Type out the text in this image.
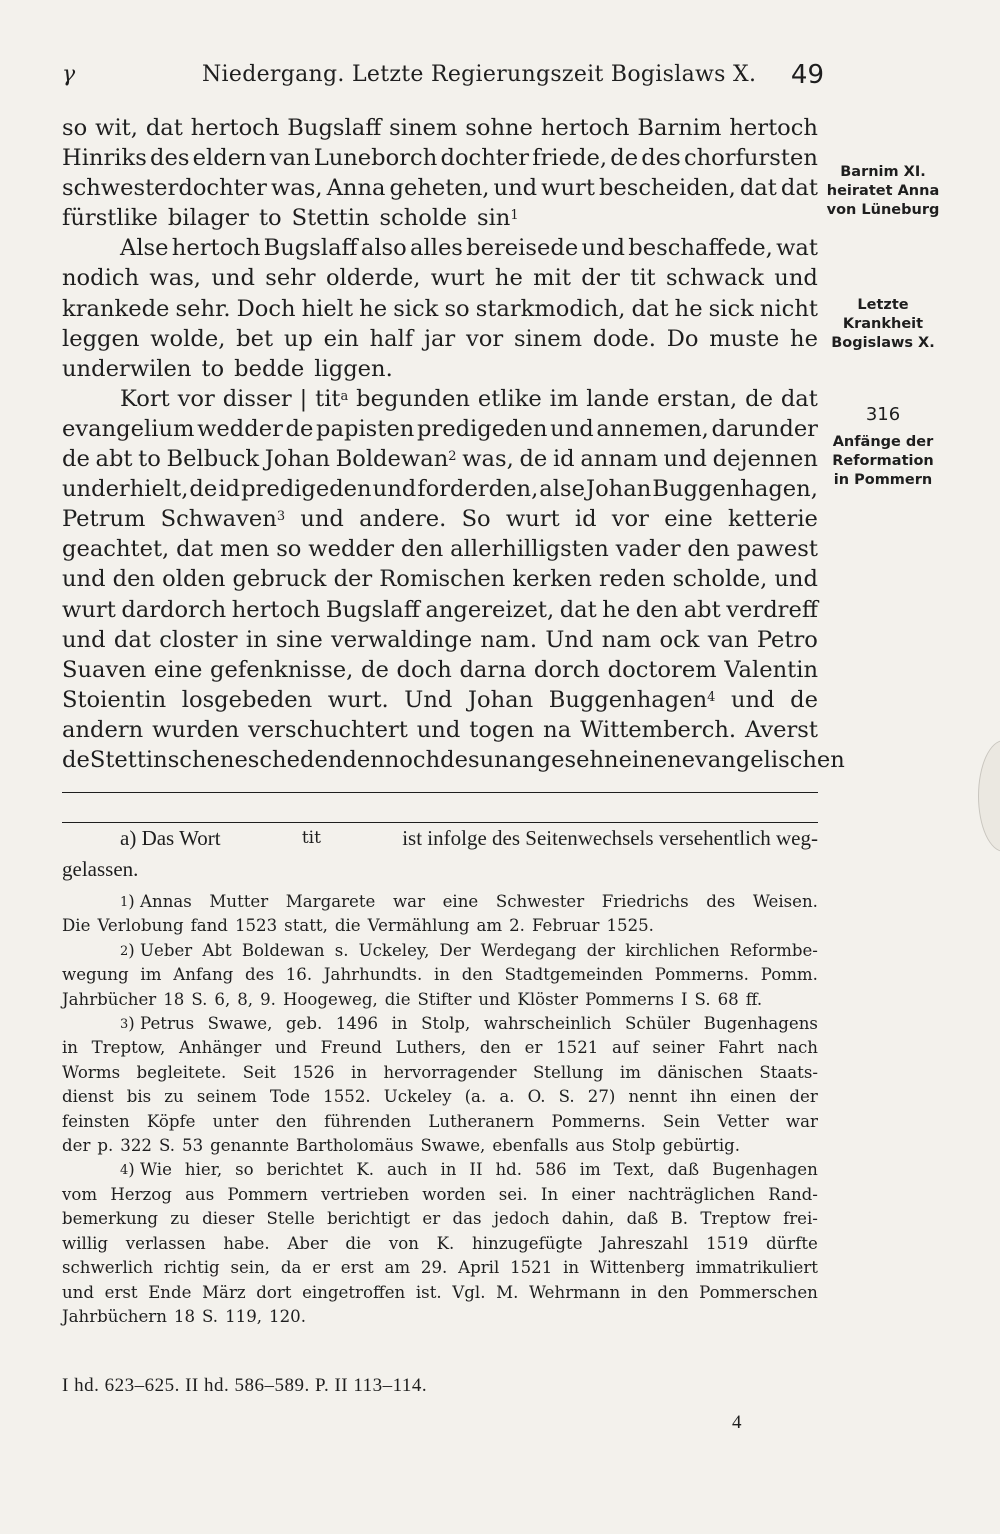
γ	Niedergang. Letzte Regierungszeit Bogislaws X. 49
so wit, dat hertoch Bugslaff sinem sohne hertoch Barnim hertoch
Hinriks des eldern van Luneborch dochter friede, de des chorfursten
schwesterdochter was, Anna geheten, und wurt bescheiden, dat dat
fürstlike bilager to Stettin scholde $\sin^1$
Alse hertoch Bugslaff also alles bereisede und beschaffede, wat
nodich was, und sehr olderde, wurt he mit der tit schwack und
krankede sehr. Doch hielt he sick so starkmodich, dat he sick nicht
leggen wolde, bet up ein half jar vor sinem dode. Do muste he
underwilen to bedde liggen.
Kort vor disser | tit$^a$ begunden etlike im lande erstan, de dat
evangelium wedder de papisten predigeden und annemen, darunder
de abt to Belbuck Johan Boldewan$^2$ was, de id annam und dejennen
underhielt, de id predigeden und forderden, alse Johan Buggenhagen,
Petrum Schwaven$^3$ und andere. So wurt id vor eine ketterie
geachtet, dat men so wedder den allerhilligsten vader den pawest
und den olden gebruck der Romischen kerken reden scholde, und
wurt dardorch hertoch Bugslaff angereizet, dat he den abt verdreff
und dat closter in sine verwaldinge nam. Und nam ock van Petro
Suaven eine gefenknisse, de doch darna dorch doctorem Valentin
Stoientin losgebeden wurt. Und Johan Buggenhagen$^4$ und de
andern wurden verschuchtert und togen na Wittemberch. Averst
de Stettinschen escheden dennoch des unangesehn einen evangelischen
Barnim XI.
heiratet Anna
von Lüneburg
Letzte
Krankheit
Bogislaws X.
316
Anfänge der
Reformation
in Pommern
a) Das Wort	tit	ist infolge des Seitenwechsels versehentlich weg-
gelassen.
$^1$) Annas Mutter Margarete war eine Schwester Friedrichs des Weisen.
Die Verlobung fand 1523 statt, die Vermählung am 2. Februar 1525.
$^2$) Ueber Abt Boldewan s. Uckeley, Der Werdegang der kirchlichen Reformbe-
wegung im Anfang des 16. Jahrhundts. in den Stadtgemeinden Pommerns. Pomm.
Jahrbücher 18 S. 6, 8, 9. Hoogeweg, die Stifter und Klöster Pommerns I S. 68 ff.
$^3$) Petrus Swawe, geb. 1496 in Stolp, wahrscheinlich Schüler Bugenhagens
in Treptow, Anhänger und Freund Luthers, den er 1521 auf seiner Fahrt nach
Worms begleitete. Seit 1526 in hervorragender Stellung im dänischen Staats-
dienst bis zu seinem Tode 1552. Uckeley (a. a. O. S. 27) nennt ihn einen der
feinsten Köpfe unter den führenden Lutheranern Pommerns. Sein Vetter war
der p. 322 S. 53 genannte Bartholomäus Swawe, ebenfalls aus Stolp gebürtig.
$^4$) Wie hier, so berichtet K. auch in II hd. 586 im Text, daß Bugenhagen
vom Herzog aus Pommern vertrieben worden sei. In einer nachträglichen Rand-
bemerkung zu dieser Stelle berichtigt er das jedoch dahin, daß B. Treptow frei-
willig verlassen habe. Aber die von K. hinzugefügte Jahreszahl 1519 dürfte
schwerlich richtig sein, da er erst am 29. April 1521 in Wittenberg immatrikuliert
und erst Ende März dort eingetroffen ist. Vgl. M. Wehrmann in den Pommerschen
Jahrbüchern 18 S. 119, 120.
I hd. 623–625. II hd. 586–589. P. II 113–114.
4
